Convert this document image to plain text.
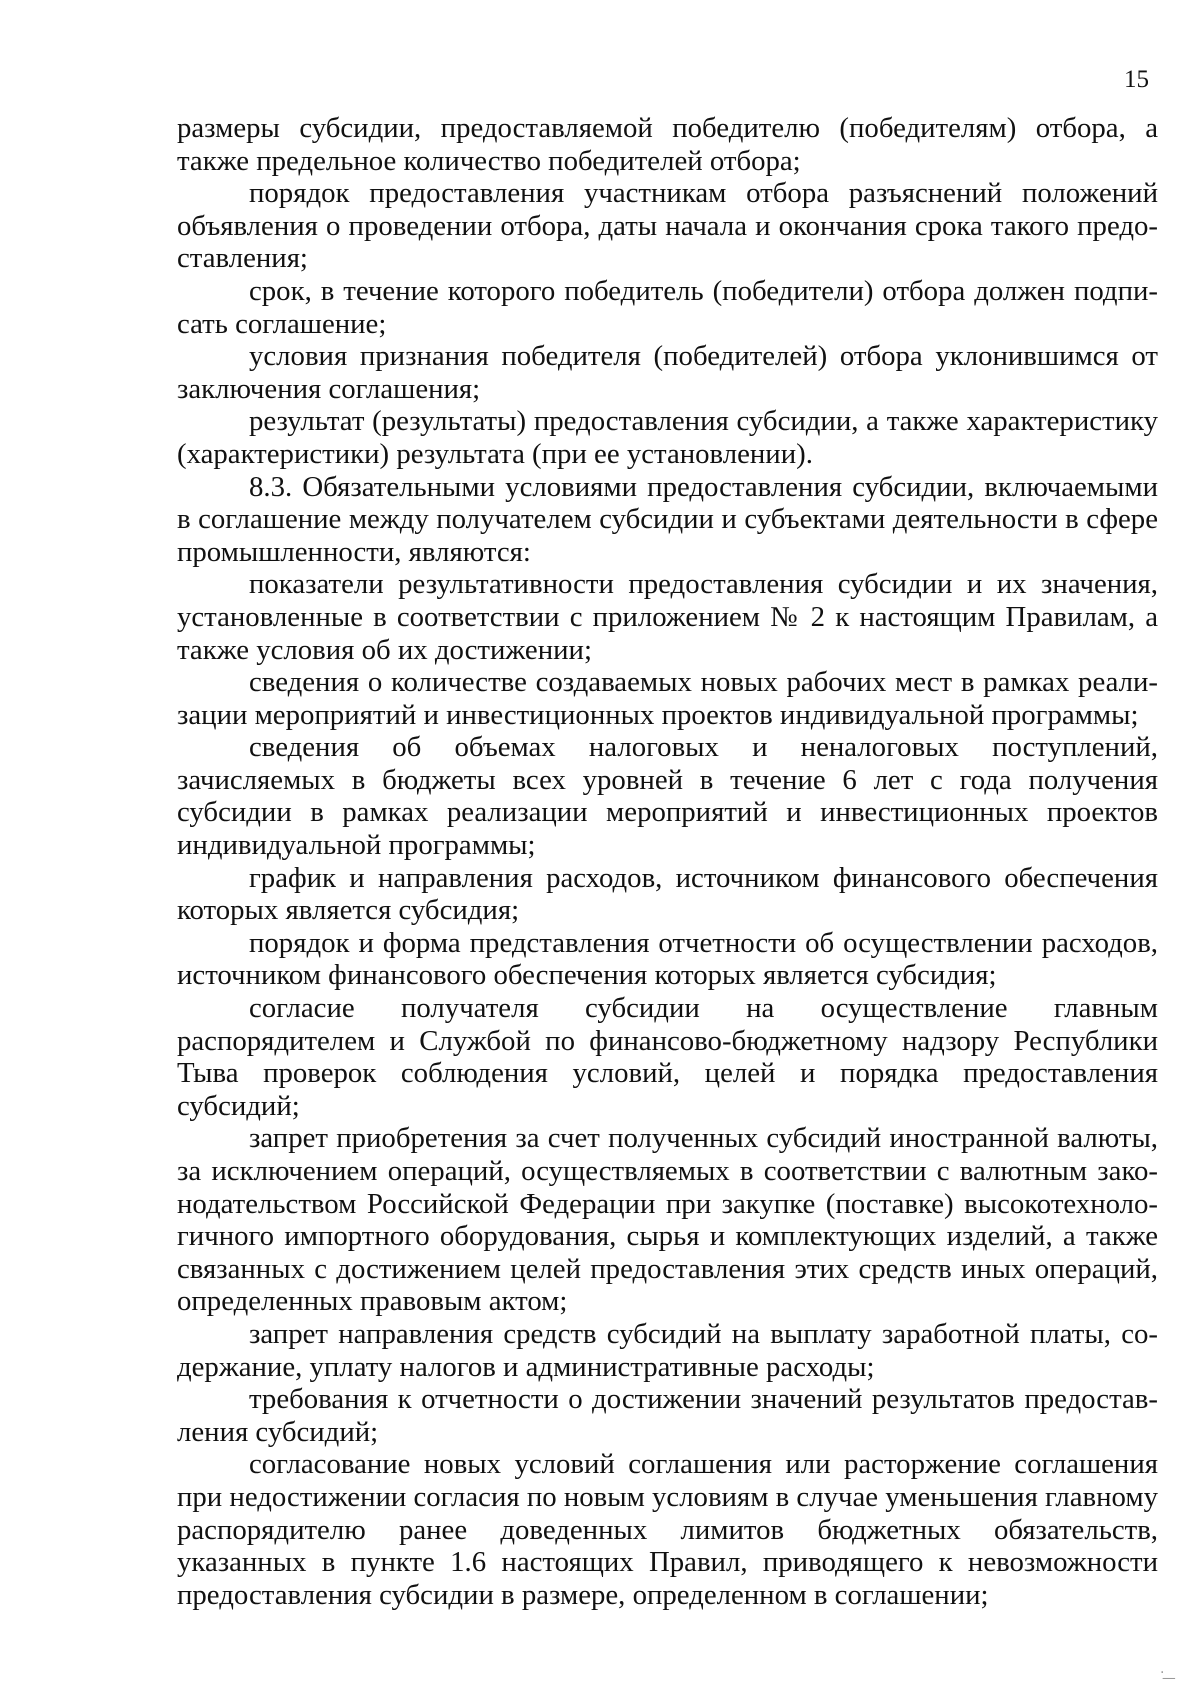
15

размеры субсидии, предоставляемой победителю (победителям) отбора, а также предельное количество победителей отбора;

порядок предоставления участникам отбора разъяснений положений объявления о проведении отбора, даты начала и окончания срока такого предоставления;

срок, в течение которого победитель (победители) отбора должен подписать соглашение;

условия признания победителя (победителей) отбора уклонившимся от заключения соглашения;

результат (результаты) предоставления субсидии, а также характеристику (характеристики) результата (при ее установлении).

8.3. Обязательными условиями предоставления субсидии, включаемыми в соглашение между получателем субсидии и субъектами деятельности в сфере промышленности, являются:

показатели результативности предоставления субсидии и их значения, установленные в соответствии с приложением № 2 к настоящим Правилам, а также условия об их достижении;

сведения о количестве создаваемых новых рабочих мест в рамках реализации мероприятий и инвестиционных проектов индивидуальной программы;

сведения об объемах налоговых и неналоговых поступлений, зачисляемых в бюджеты всех уровней в течение 6 лет с года получения субсидии в рамках реализации мероприятий и инвестиционных проектов индивидуальной программы;

график и направления расходов, источником финансового обеспечения которых является субсидия;

порядок и форма представления отчетности об осуществлении расходов, источником финансового обеспечения которых является субсидия;

согласие получателя субсидии на осуществление главным распорядителем и Службой по финансово-бюджетному надзору Республики Тыва проверок соблюдения условий, целей и порядка предоставления субсидий;

запрет приобретения за счет полученных субсидий иностранной валюты, за исключением операций, осуществляемых в соответствии с валютным законодательством Российской Федерации при закупке (поставке) высокотехнологичного импортного оборудования, сырья и комплектующих изделий, а также связанных с достижением целей предоставления этих средств иных операций, определенных правовым актом;

запрет направления средств субсидий на выплату заработной платы, содержание, уплату налогов и административные расходы;

требования к отчетности о достижении значений результатов предоставления субсидий;

согласование новых условий соглашения или расторжение соглашения при недостижении согласия по новым условиям в случае уменьшения главному распорядителю ранее доведенных лимитов бюджетных обязательств, указанных в пункте 1.6 настоящих Правил, приводящего к невозможности предоставления субсидии в размере, определенном в соглашении;

· ͟
